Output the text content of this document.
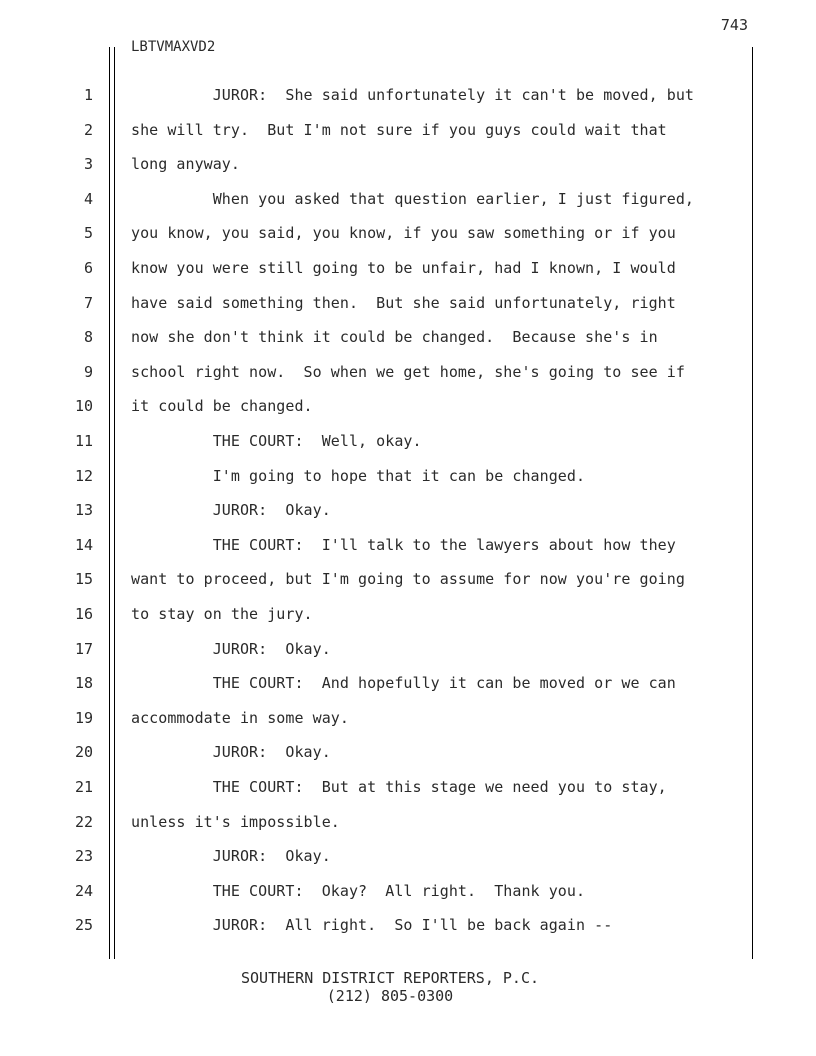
743
LBTVMAXVD2
1	JUROR:  She said unfortunately it can't be moved, but
2	she will try.  But I'm not sure if you guys could wait that
3	long anyway.
4	When you asked that question earlier, I just figured,
5	you know, you said, you know, if you saw something or if you
6	know you were still going to be unfair, had I known, I would
7	have said something then.  But she said unfortunately, right
8	now she don't think it could be changed.  Because she's in
9	school right now.  So when we get home, she's going to see if
10	it could be changed.
11	THE COURT:  Well, okay.
12	I'm going to hope that it can be changed.
13	JUROR:  Okay.
14	THE COURT:  I'll talk to the lawyers about how they
15	want to proceed, but I'm going to assume for now you're going
16	to stay on the jury.
17	JUROR:  Okay.
18	THE COURT:  And hopefully it can be moved or we can
19	accommodate in some way.
20	JUROR:  Okay.
21	THE COURT:  But at this stage we need you to stay,
22	unless it's impossible.
23	JUROR:  Okay.
24	THE COURT:  Okay?  All right.  Thank you.
25	JUROR:  All right.  So I'll be back again --
SOUTHERN DISTRICT REPORTERS, P.C.
(212) 805-0300
